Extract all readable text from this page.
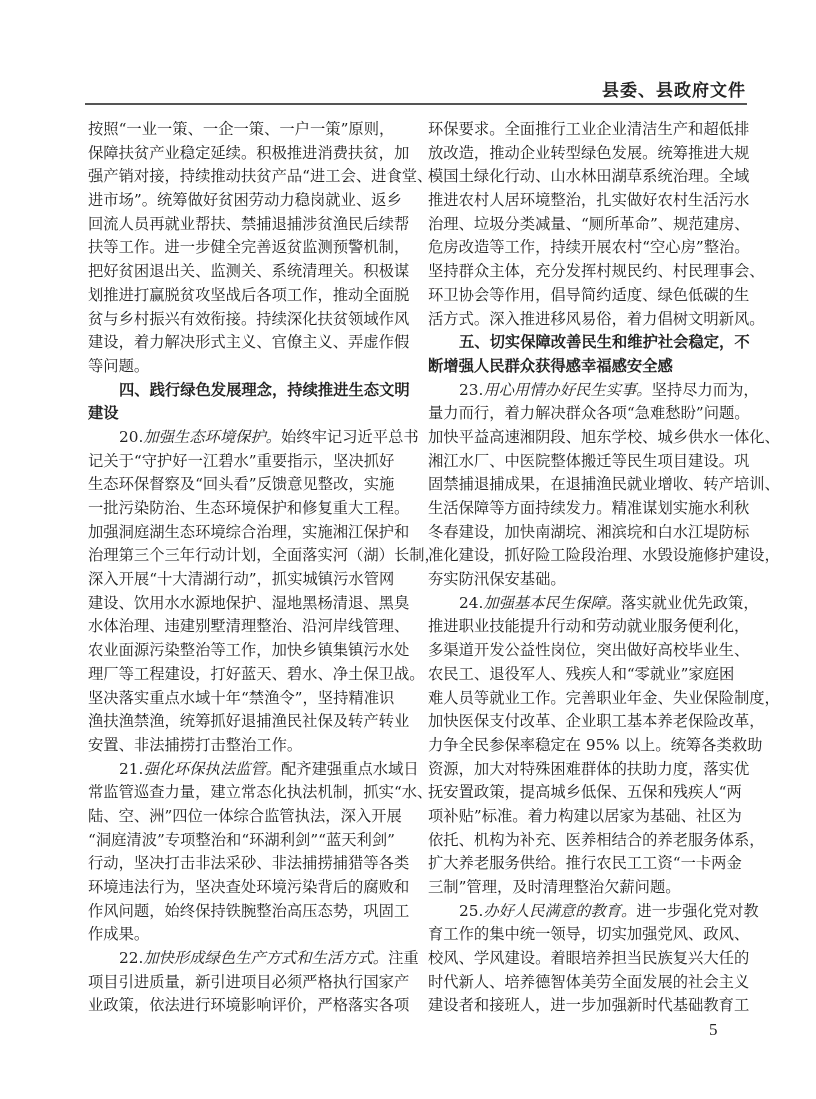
县委、县政府文件
按照“一业一策、一企一策、一户一策”原则，
保障扶贫产业稳定延续。积极推进消费扶贫，加
强产销对接，持续推动扶贫产品“进工会、进食堂、
进市场”。统筹做好贫困劳动力稳岗就业、返乡
回流人员再就业帮扶、禁捕退捕涉贫渔民后续帮
扶等工作。进一步健全完善返贫监测预警机制，
把好贫困退出关、监测关、系统清理关。积极谋
划推进打赢脱贫攻坚战后各项工作，推动全面脱
贫与乡村振兴有效衔接。持续深化扶贫领域作风
建设，着力解决形式主义、官僚主义、弄虚作假
等问题。
四、践行绿色发展理念，持续推进生态文明
建设
20.加强生态环境保护。始终牢记习近平总书
记关于“守护好一江碧水”重要指示，坚决抓好
生态环保督察及“回头看”反馈意见整改，实施
一批污染防治、生态环境保护和修复重大工程。
加强洞庭湖生态环境综合治理，实施湘江保护和
治理第三个三年行动计划，全面落实河（湖）长制，
深入开展“十大清湖行动”，抓实城镇污水管网
建设、饮用水水源地保护、湿地黑杨清退、黑臭
水体治理、违建别墅清理整治、沿河岸线管理、
农业面源污染整治等工作，加快乡镇集镇污水处
理厂等工程建设，打好蓝天、碧水、净土保卫战。
坚决落实重点水域十年“禁渔令”，坚持精准识
渔扶渔禁渔，统筹抓好退捕渔民社保及转产转业
安置、非法捕捞打击整治工作。
21.强化环保执法监管。配齐建强重点水域日
常监管巡查力量，建立常态化执法机制，抓实“水、
陆、空、洲”四位一体综合监管执法，深入开展
“洞庭清波”专项整治和“环湖利剑”“蓝天利剑”
行动，坚决打击非法采砂、非法捕捞捕猎等各类
环境违法行为，坚决查处环境污染背后的腐败和
作风问题，始终保持铁腕整治高压态势，巩固工
作成果。
22.加快形成绿色生产方式和生活方式。注重
项目引进质量，新引进项目必须严格执行国家产
业政策，依法进行环境影响评价，严格落实各项
环保要求。全面推行工业企业清洁生产和超低排
放改造，推动企业转型绿色发展。统筹推进大规
模国土绿化行动、山水林田湖草系统治理。全域
推进农村人居环境整治，扎实做好农村生活污水
治理、垃圾分类减量、“厕所革命”、规范建房、
危房改造等工作，持续开展农村“空心房”整治。
坚持群众主体，充分发挥村规民约、村民理事会、
环卫协会等作用，倡导简约适度、绿色低碳的生
活方式。深入推进移风易俗，着力倡树文明新风。
五、切实保障改善民生和维护社会稳定，不
断增强人民群众获得感幸福感安全感
23.用心用情办好民生实事。坚持尽力而为，
量力而行，着力解决群众各项“急难愁盼”问题。
加快平益高速湘阴段、旭东学校、城乡供水一体化、
湘江水厂、中医院整体搬迁等民生项目建设。巩
固禁捕退捕成果，在退捕渔民就业增收、转产培训、
生活保障等方面持续发力。精准谋划实施水利秋
冬春建设，加快南湖垸、湘滨垸和白水江堤防标
准化建设，抓好险工险段治理、水毁设施修护建设，
夯实防汛保安基础。
24.加强基本民生保障。落实就业优先政策，
推进职业技能提升行动和劳动就业服务便利化，
多渠道开发公益性岗位，突出做好高校毕业生、
农民工、退役军人、残疾人和“零就业”家庭困
难人员等就业工作。完善职业年金、失业保险制度，
加快医保支付改革、企业职工基本养老保险改革，
力争全民参保率稳定在 95% 以上。统筹各类救助
资源，加大对特殊困难群体的扶助力度，落实优
抚安置政策，提高城乡低保、五保和残疾人“两
项补贴”标准。着力构建以居家为基础、社区为
依托、机构为补充、医养相结合的养老服务体系，
扩大养老服务供给。推行农民工工资“一卡两金
三制”管理，及时清理整治欠薪问题。
25.办好人民满意的教育。进一步强化党对教
育工作的集中统一领导，切实加强党风、政风、
校风、学风建设。着眼培养担当民族复兴大任的
时代新人、培养德智体美劳全面发展的社会主义
建设者和接班人，进一步加强新时代基础教育工
5
